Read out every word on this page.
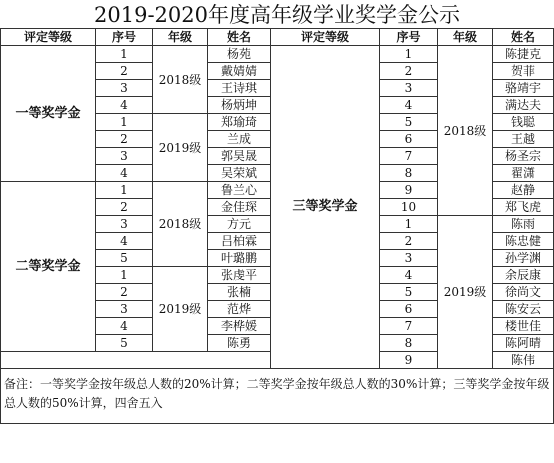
2019-2020年度高年级学业奖学金公示
评定等级	序号	年级	姓名	评定等级	序号	年级	姓名
一等奖学金	1	2018级	杨苑	三等奖学金	1	2018级	陈捷克
	2		戴婧婧		2		贺菲
	3		王诗琪		3		骆靖宇
	4		杨炳坤		4		满达夫
	1	2019级	郑瑜琦		5		钱聪
	2		兰成		6		王越
	3		郭昊晟		7		杨圣宗
	4		吴荣斌		8		翟潇
二等奖学金	1	2018级	鲁兰心		9		赵静
	2		金佳琛		10		郑飞虎
	3		方元		1	2019级	陈雨
	4		吕柏霖		2		陈忠健
	5		叶璐鹏		3		孙学渊
	1	2019级	张虔平		4		余辰康
	2		张楠		5		徐尚文
	3		范烨		6		陈安云
	4		李桦媛		7		楼世佳
	5		陈勇		8		陈阿晴
					9		陈伟
备注：一等奖学金按年级总人数的20%计算；二等奖学金按年级总人数的30%计算；三等奖学金按年级总人数的50%计算，四舍五入							
